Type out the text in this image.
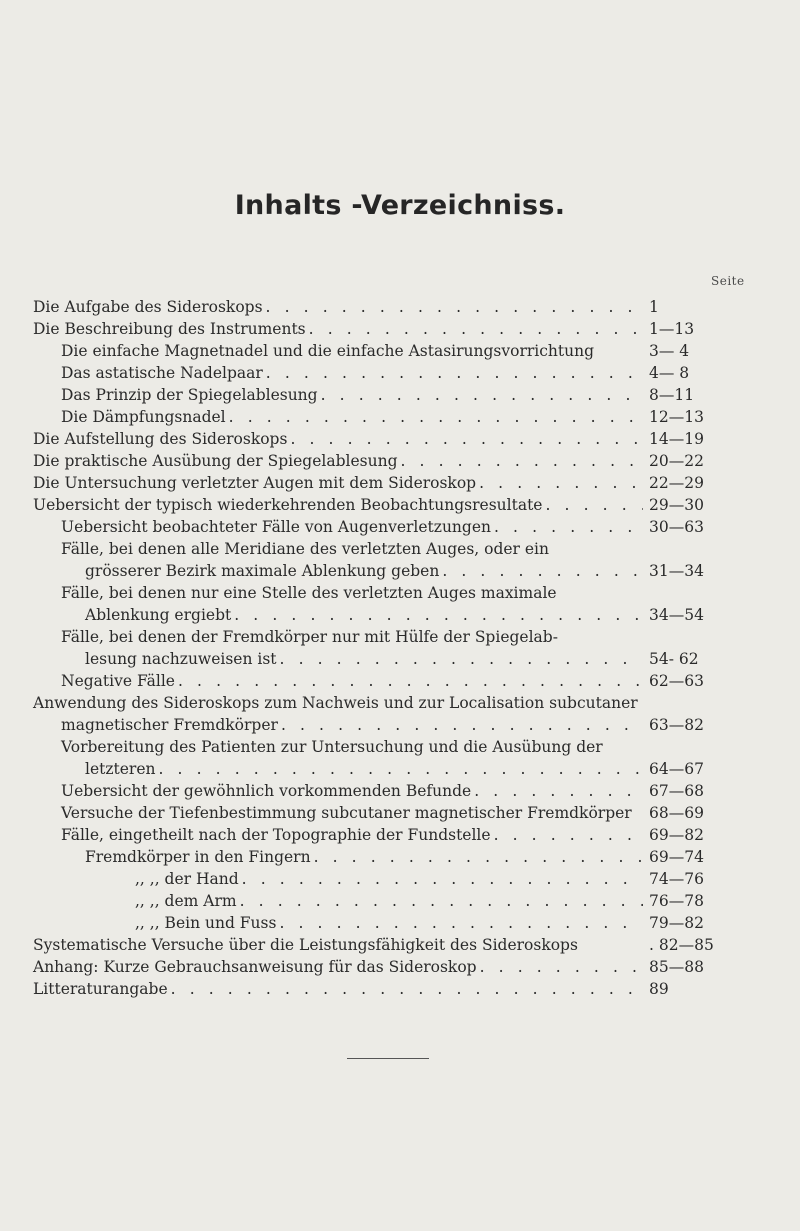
Inhalts -Verzeichniss.
Seite
Die Aufgabe des Sideroskops . . .	1
Die Beschreibung des Instruments . . .	1—13
Die einfache Magnetnadel und die einfache Astasirungsvorrichtung	3— 4
Das astatische Nadelpaar . . .	4— 8
Das Prinzip der Spiegelablesung . . .	8—11
Die Dämpfungsnadel . . .	12—13
Die Aufstellung des Sideroskops . . .	14—19
Die praktische Ausübung der Spiegelablesung . . .	20—22
Die Untersuchung verletzter Augen mit dem Sideroskop . . .	22—29
Uebersicht der typisch wiederkehrenden Beobachtungsresultate . . .	29—30
Uebersicht beobachteter Fälle von Augenverletzungen . . .	30—63
Fälle, bei denen alle Meridiane des verletzten Auges, oder ein
grösserer Bezirk maximale Ablenkung geben . . .	31—34
Fälle, bei denen nur eine Stelle des verletzten Auges maximale
Ablenkung ergiebt . . .	34—54
Fälle, bei denen der Fremdkörper nur mit Hülfe der Spiegelab-
lesung nachzuweisen ist . . .	54- 62
Negative Fälle . . .	62—63
Anwendung des Sideroskops zum Nachweis und zur Localisation subcutaner
magnetischer Fremdkörper . . .	63—82
Vorbereitung des Patienten zur Untersuchung und die Ausübung der
letzteren . . .	64—67
Uebersicht der gewöhnlich vorkommenden Befunde . . .	67—68
Versuche der Tiefenbestimmung subcutaner magnetischer Fremdkörper	68—69
Fälle, eingetheilt nach der Topographie der Fundstelle . . .	69—82
Fremdkörper in den Fingern . . .	69—74
,, ,, der Hand . . .	74—76
,, ,, dem Arm . . .	76—78
,, ,, Bein und Fuss . . .	79—82
Systematische Versuche über die Leistungsfähigkeit des Sideroskops	. 82—85
Anhang: Kurze Gebrauchsanweisung für das Sideroskop . . .	85—88
Litteraturangabe . . .	89
